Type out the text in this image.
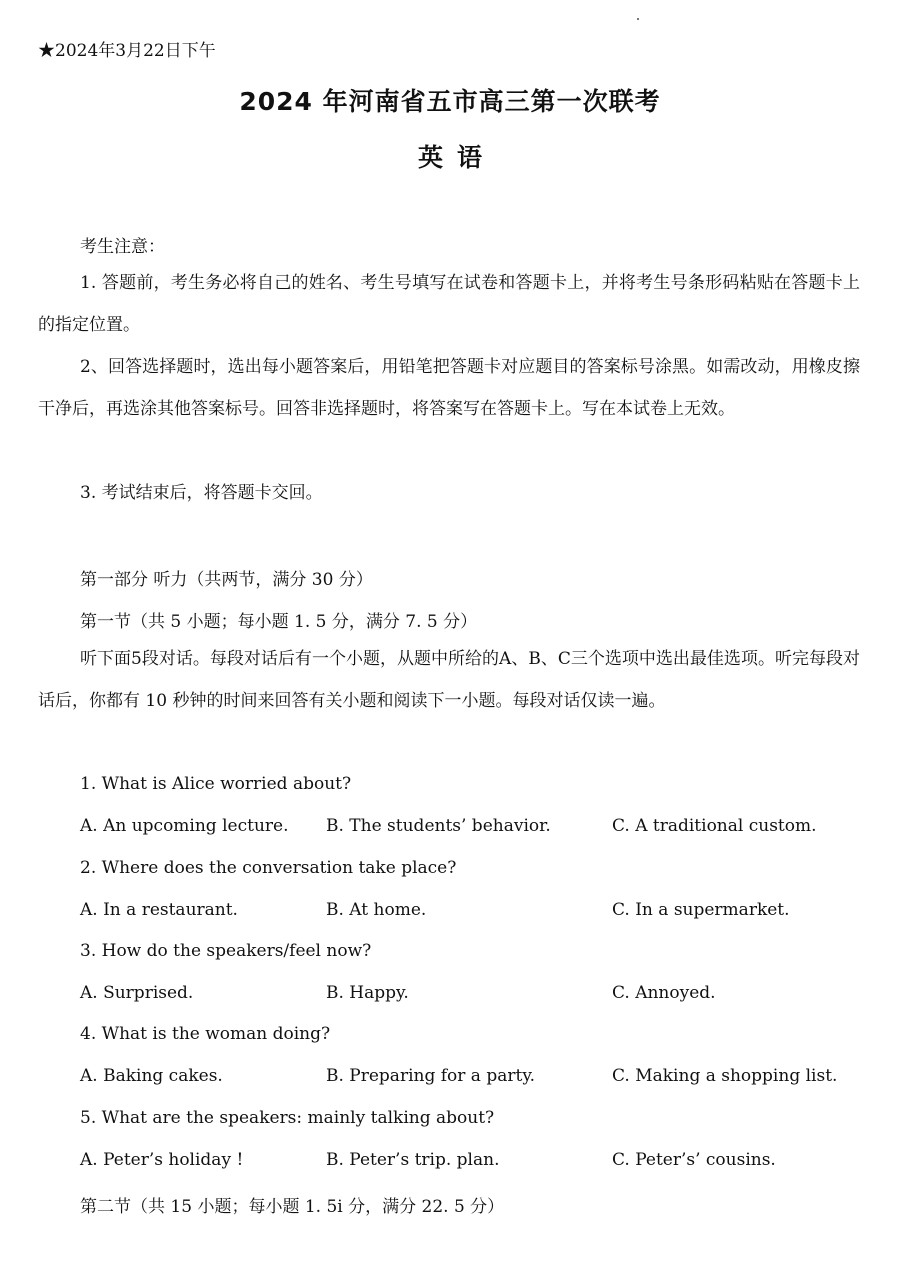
★2024年3月22日下午
2024 年河南省五市高三第一次联考
英语
考生注意：
1. 答题前，考生务必将自己的姓名、考生号填写在试卷和答题卡上，并将考生号条形码粘贴在答题卡上的指定位置。
2、回答选择题时，选出每小题答案后，用铅笔把答题卡对应题目的答案标号涂黑。如需改动，用橡皮擦干净后，再选涂其他答案标号。回答非选择题时，将答案写在答题卡上。写在本试卷上无效。
3. 考试结束后，将答题卡交回。
第一部分 听力（共两节，满分 30 分）
第一节（共 5 小题；每小题 1. 5 分，满分 7. 5 分）
听下面5段对话。每段对话后有一个小题，从题中所给的A、B、C三个选项中选出最佳选项。听完每段对话后，你都有 10 秒钟的时间来回答有关小题和阅读下一小题。每段对话仅读一遍。
1. What is Alice worried about?
A. An upcoming lecture. B. The students’ behavior.	C. A traditional custom.
2. Where does the conversation take place?
A. In a restaurant.	B. At home.	C. In a supermarket.
3. How do the speakers/feel now?
A. Surprised.	B. Happy.	C. Annoyed.
4. What is the woman doing?
A. Baking cakes.	B. Preparing for a party.	C. Making a shopping list.
5. What are the speakers: mainly talking about?
A. Peter’s holiday !	B. Peter’s trip. plan.	C. Peter’s’ cousins.
第二节（共 15 小题；每小题 1. 5i 分，满分 22. 5 分）
